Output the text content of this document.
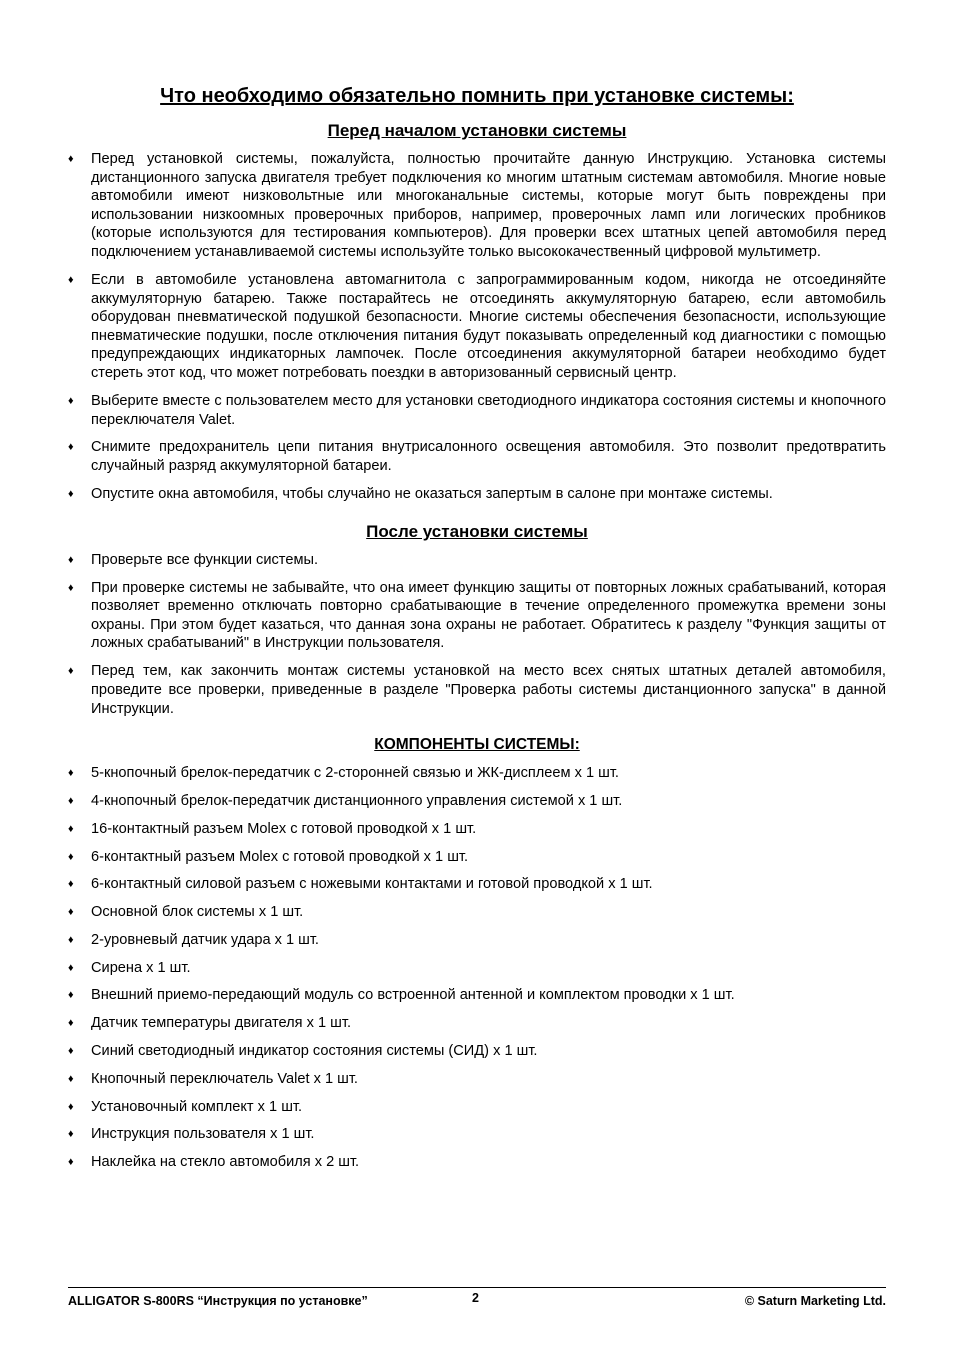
Что необходимо обязательно помнить при установке системы:
Перед началом установки системы
♦ Перед установкой системы, пожалуйста, полностью прочитайте данную Инструкцию. Установка системы дистанционного запуска двигателя требует подключения ко многим штатным системам автомобиля. Многие новые автомобили имеют низковольтные или многоканальные системы, которые могут быть повреждены при использовании низкоомных проверочных приборов, например, проверочных ламп или логических пробников (которые используются для тестирования компьютеров). Для проверки всех штатных цепей автомобиля перед подключением устанавливаемой системы используйте только высококачественный цифровой мультиметр.
♦ Если в автомобиле установлена автомагнитола с запрограммированным кодом, никогда не отсоединяйте аккумуляторную батарею. Также постарайтесь не отсоединять аккумуляторную батарею, если автомобиль оборудован пневматической подушкой безопасности. Многие системы обеспечения безопасности, использующие пневматические подушки, после отключения питания будут показывать определенный код диагностики с помощью предупреждающих индикаторных лампочек. После отсоединения аккумуляторной батареи необходимо будет стереть этот код, что может потребовать поездки в авторизованный сервисный центр.
♦ Выберите вместе с пользователем место для установки светодиодного индикатора состояния системы и кнопочного переключателя Valet.
♦ Снимите предохранитель цепи питания внутрисалонного освещения автомобиля. Это позволит предотвратить случайный разряд аккумуляторной батареи.
♦ Опустите окна автомобиля, чтобы случайно не оказаться запертым в салоне при монтаже системы.
После установки системы
♦ Проверьте все функции системы.
♦ При проверке системы не забывайте, что она имеет функцию защиты от повторных ложных срабатываний, которая позволяет временно отключать повторно срабатывающие в течение определенного промежутка времени зоны охраны. При этом будет казаться, что данная зона охраны не работает. Обратитесь к разделу "Функция защиты от ложных срабатываний" в Инструкции пользователя.
♦ Перед тем, как закончить монтаж системы установкой на место всех снятых штатных деталей автомобиля, проведите все проверки, приведенные в разделе "Проверка работы системы дистанционного запуска" в данной Инструкции.
КОМПОНЕНТЫ СИСТЕМЫ:
♦ 5-кнопочный брелок-передатчик с 2-сторонней связью и ЖК-дисплеем x 1 шт.
♦ 4-кнопочный брелок-передатчик дистанционного управления системой x 1 шт.
♦ 16-контактный разъем Molex с готовой проводкой x 1 шт.
♦ 6-контактный разъем Molex с готовой проводкой x 1 шт.
♦ 6-контактный силовой разъем с ножевыми контактами и готовой проводкой x 1 шт.
♦ Основной блок системы x 1 шт.
♦ 2-уровневый датчик удара x 1 шт.
♦ Сирена x 1 шт.
♦ Внешний приемо-передающий модуль со встроенной антенной и комплектом проводки x 1 шт.
♦ Датчик температуры двигателя x 1 шт.
♦ Синий светодиодный индикатор состояния системы (СИД) x 1 шт.
♦ Кнопочный переключатель Valet x 1 шт.
♦ Установочный комплект x 1 шт.
♦ Инструкция пользователя x 1 шт.
♦ Наклейка на стекло автомобиля x 2 шт.
ALLIGATOR S-800RS “Инструкция по установке”	2	© Saturn Marketing Ltd.
